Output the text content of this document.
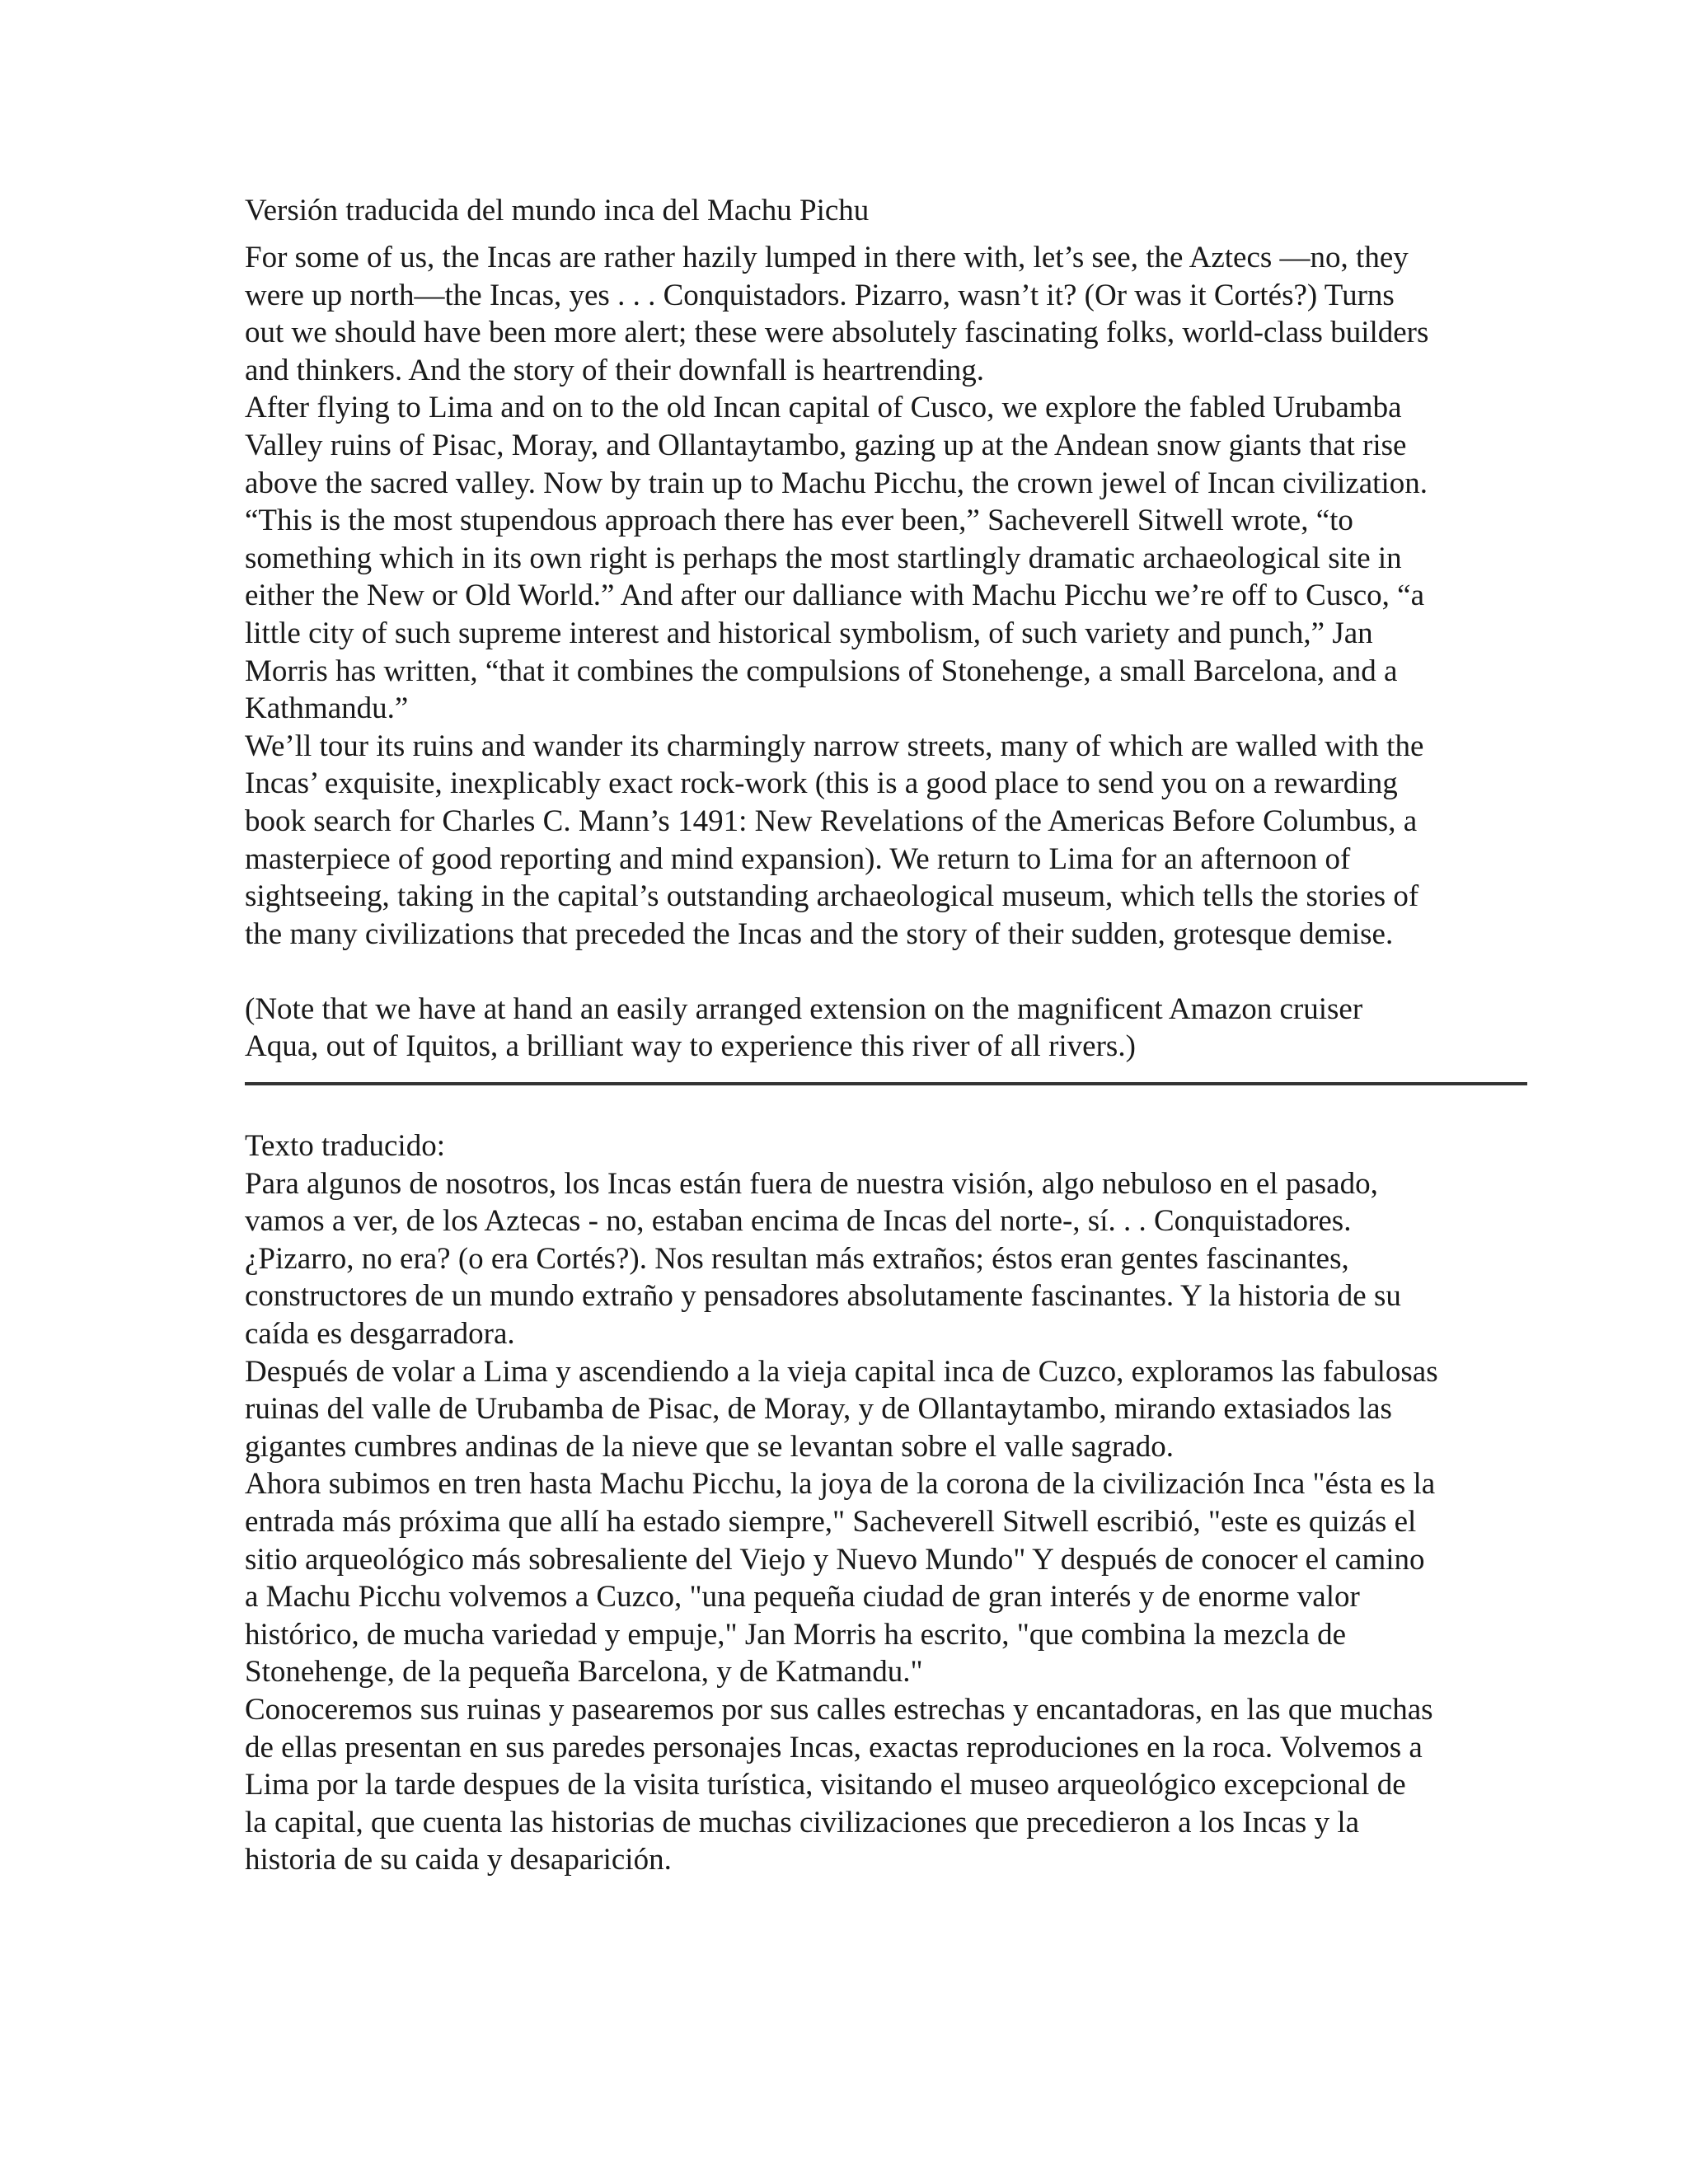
Versión traducida del mundo inca del Machu Pichu

For some of us, the Incas are rather hazily lumped in there with, let’s see, the Aztecs —no, they
were up north—the Incas, yes . . . Conquistadors. Pizarro, wasn’t it? (Or was it Cortés?) Turns
out we should have been more alert; these were absolutely fascinating folks, world-class builders
and thinkers. And the story of their downfall is heartrending.

After flying to Lima and on to the old Incan capital of Cusco, we explore the fabled Urubamba
Valley ruins of Pisac, Moray, and Ollantaytambo, gazing up at the Andean snow giants that rise
above the sacred valley. Now by train up to Machu Picchu, the crown jewel of Incan civilization.
“This is the most stupendous approach there has ever been,” Sacheverell Sitwell wrote, “to
something which in its own right is perhaps the most startlingly dramatic archaeological site in
either the New or Old World.” And after our dalliance with Machu Picchu we’re off to Cusco, “a
little city of such supreme interest and historical symbolism, of such variety and punch,” Jan
Morris has written, “that it combines the compulsions of Stonehenge, a small Barcelona, and a
Kathmandu.”

We’ll tour its ruins and wander its charmingly narrow streets, many of which are walled with the
Incas’ exquisite, inexplicably exact rock-work (this is a good place to send you on a rewarding
book search for Charles C. Mann’s 1491: New Revelations of the Americas Before Columbus, a
masterpiece of good reporting and mind expansion). We return to Lima for an afternoon of
sightseeing, taking in the capital’s outstanding archaeological museum, which tells the stories of
the many civilizations that preceded the Incas and the story of their sudden, grotesque demise.

(Note that we have at hand an easily arranged extension on the magnificent Amazon cruiser
Aqua, out of Iquitos, a brilliant way to experience this river of all rivers.)

Texto traducido:

Para algunos de nosotros, los Incas están fuera de nuestra visión, algo nebuloso en el pasado,
vamos a ver, de los Aztecas - no, estaban encima de Incas del norte-, sí. . . Conquistadores.
¿Pizarro, no era? (o era Cortés?). Nos resultan más extraños; éstos eran gentes fascinantes,
constructores de un mundo extraño y pensadores absolutamente fascinantes. Y la historia de su
caída es desgarradora.

Después de volar a Lima y ascendiendo a la vieja capital inca de Cuzco, exploramos las fabulosas
ruinas del valle de Urubamba de Pisac, de Moray, y de Ollantaytambo, mirando extasiados las
gigantes cumbres andinas de la nieve que se levantan sobre el valle sagrado.

Ahora subimos en tren hasta Machu Picchu, la joya de la corona de la civilización Inca "ésta es la
entrada más próxima que allí ha estado siempre," Sacheverell Sitwell escribió, "este es quizás el
sitio arqueológico más sobresaliente del Viejo y Nuevo Mundo" Y después de conocer el camino
a Machu Picchu volvemos a Cuzco, "una pequeña ciudad de gran interés y de enorme valor
histórico, de mucha variedad y empuje," Jan Morris ha escrito, "que combina la mezcla de
Stonehenge, de la pequeña Barcelona, y de Katmandu."

Conoceremos sus ruinas y pasearemos por sus calles estrechas y encantadoras, en las que muchas
de ellas presentan en sus paredes personajes Incas, exactas reproduciones en la roca. Volvemos a
Lima por la tarde despues de la visita turística, visitando el museo arqueológico excepcional de
la capital, que cuenta las historias de muchas civilizaciones que precedieron a los Incas y la
historia de su caida y desaparición.
